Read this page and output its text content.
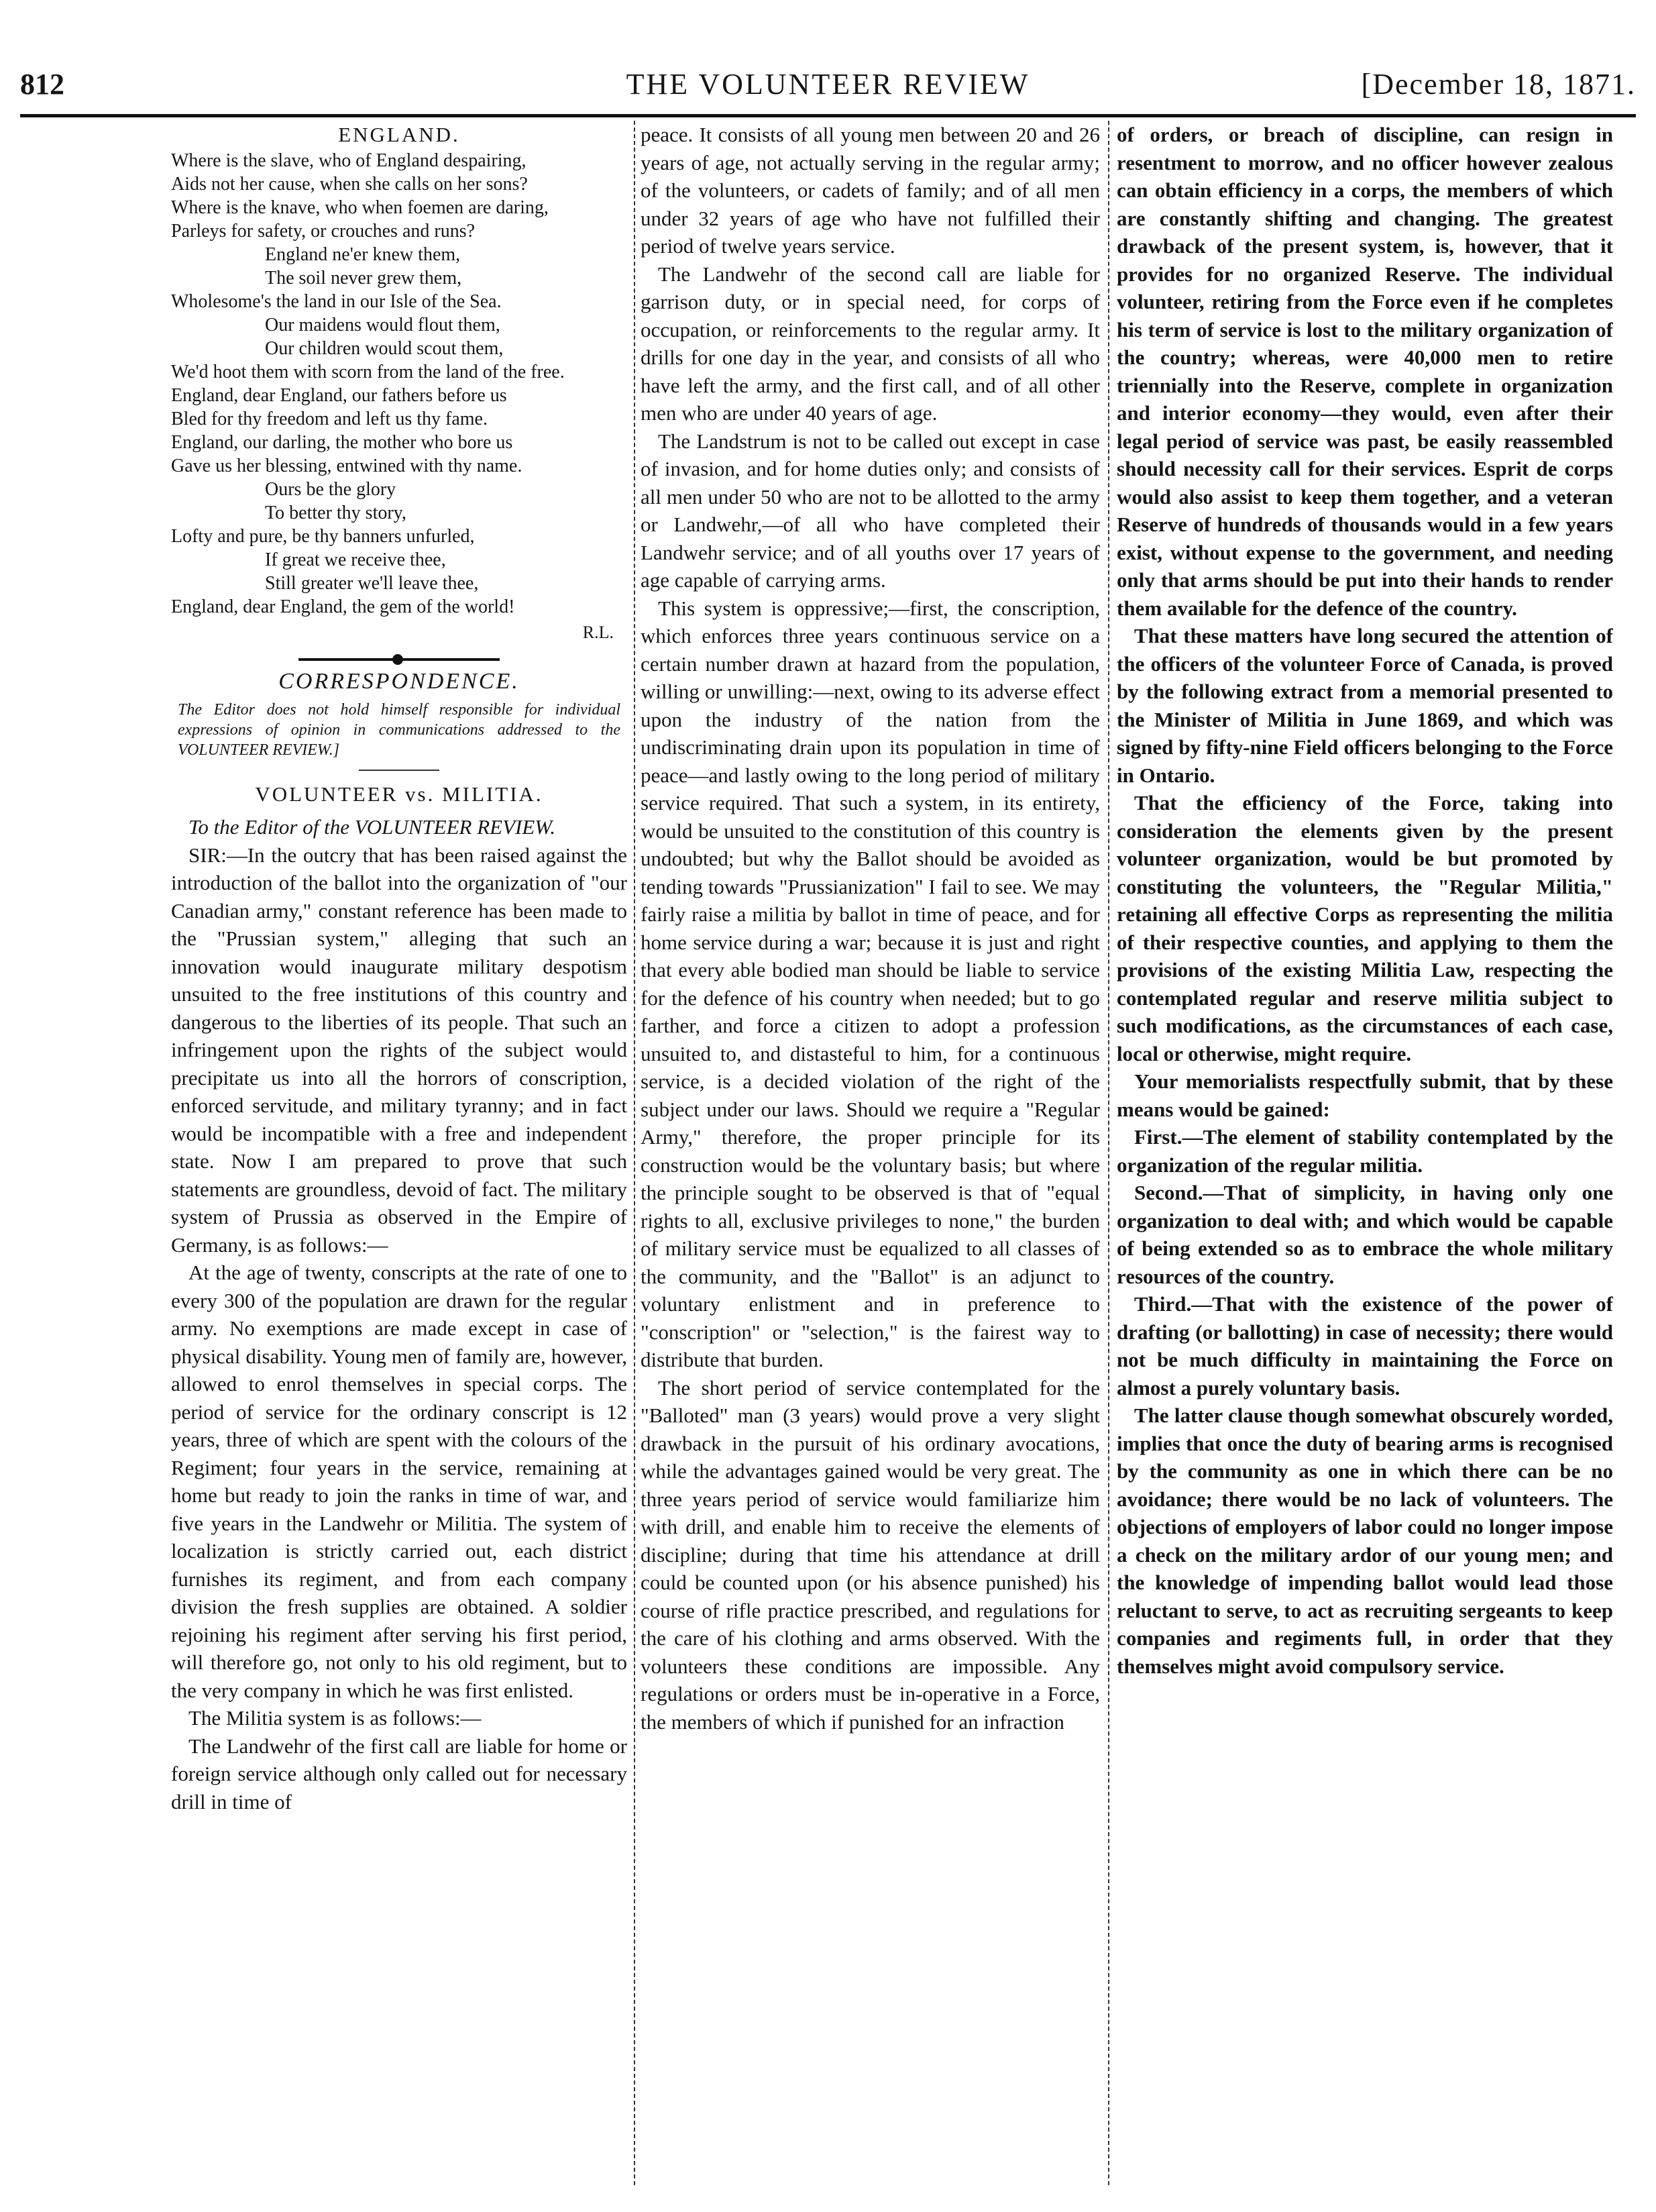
812	THE VOLUNTEER REVIEW	[December 18, 1871.
ENGLAND.
Where is the slave, who of England despairing,
Aids not her cause, when she calls on her sons?
Where is the knave, who when foemen are daring,
Parleys for safety, or crouches and runs?
England ne'er knew them,
The soil never grew them,
Wholesome's the land in our Isle of the Sea.
Our maidens would flout them,
Our children would scout them,
We'd hoot them with scorn from the land of the free.
England, dear England, our fathers before us
Bled for thy freedom and left us thy fame.
England, our darling, the mother who bore us
Gave us her blessing, entwined with thy name.
Ours be the glory
To better thy story,
Lofty and pure, be thy banners unfurled,
If great we receive thee,
Still greater we'll leave thee,
England, dear England, the gem of the world!
R.L.
CORRESPONDENCE.
The Editor does not hold himself responsible for individual expressions of opinion in communications addressed to the VOLUNTEER REVIEW.]
VOLUNTEER vs. MILITIA.

To the Editor of the VOLUNTEER REVIEW.

SIR:—In the outcry that has been raised against the introduction of the ballot into the organization of "our Canadian army," constant reference has been made to the "Prussian system," alleging that such an innovation would inaugurate military despotism unsuited to the free institutions of this country and dangerous to the liberties of its people. That such an infringement upon the rights of the subject would precipitate us into all the horrors of conscription, enforced servitude, and military tyranny; and in fact would be incompatible with a free and independent state. Now I am prepared to prove that such statements are groundless, devoid of fact. The military system of Prussia as observed in the Empire of Germany, is as follows:—

At the age of twenty, conscripts at the rate of one to every 300 of the population are drawn for the regular army. No exemptions are made except in case of physical disability. Young men of family are, however, allowed to enrol themselves in special corps. The period of service for the ordinary conscript is 12 years, three of which are spent with the colours of the Regiment; four years in the service, remaining at home but ready to join the ranks in time of war, and five years in the Landwehr or Militia. The system of localization is strictly carried out, each district furnishes its regiment, and from each company division the fresh supplies are obtained. A soldier rejoining his regiment after serving his first period, will therefore go, not only to his old regiment, but to the very company in which he was first enlisted.

The Militia system is as follows:—

The Landwehr of the first call are liable for home or foreign service although only called out for necessary drill in time of

peace. It consists of all young men between 20 and 26 years of age, not actually serving in the regular army; of the volunteers, or cadets of family; and of all men under 32 years of age who have not fulfilled their period of twelve years service.

The Landwehr of the second call are liable for garrison duty, or in special need, for corps of occupation, or reinforcements to the regular army. It drills for one day in the year, and consists of all who have left the army, and the first call, and of all other men who are under 40 years of age.

The Landstrum is not to be called out except in case of invasion, and for home duties only; and consists of all men under 50 who are not to be allotted to the army or Landwehr,—of all who have completed their Landwehr service; and of all youths over 17 years of age capable of carrying arms.

This system is oppressive;—first, the conscription, which enforces three years continuous service on a certain number drawn at hazard from the population, willing or unwilling:—next, owing to its adverse effect upon the industry of the nation from the undiscriminating drain upon its population in time of peace—and lastly owing to the long period of military service required. That such a system, in its entirety, would be unsuited to the constitution of this country is undoubted; but why the Ballot should be avoided as tending towards "Prussianization" I fail to see. We may fairly raise a militia by ballot in time of peace, and for home service during a war; because it is just and right that every able bodied man should be liable to service for the defence of his country when needed; but to go farther, and force a citizen to adopt a profession unsuited to, and distasteful to him, for a continuous service, is a decided violation of the right of the subject under our laws. Should we require a "Regular Army," therefore, the proper principle for its construction would be the voluntary basis; but where the principle sought to be observed is that of "equal rights to all, exclusive privileges to none," the burden of military service must be equalized to all classes of the community, and the "Ballot" is an adjunct to voluntary enlistment and in preference to "conscription" or "selection," is the fairest way to distribute that burden.

The short period of service contemplated for the "Balloted" man (3 years) would prove a very slight drawback in the pursuit of his ordinary avocations, while the advantages gained would be very great. The three years period of service would familiarize him with drill, and enable him to receive the elements of discipline; during that time his attendance at drill could be counted upon (or his absence punished) his course of rifle practice prescribed, and regulations for the care of his clothing and arms observed. With the volunteers these conditions are impossible. Any regulations or orders must be in-operative in a Force, the members of which if punished for an infraction

of orders, or breach of discipline, can resign in resentment to morrow, and no officer however zealous can obtain efficiency in a corps, the members of which are constantly shifting and changing. The greatest drawback of the present system, is, however, that it provides for no organized Reserve. The individual volunteer, retiring from the Force even if he completes his term of service is lost to the military organization of the country; whereas, were 40,000 men to retire triennially into the Reserve, complete in organization and interior economy—they would, even after their legal period of service was past, be easily reassembled should necessity call for their services. Esprit de corps would also assist to keep them together, and a veteran Reserve of hundreds of thousands would in a few years exist, without expense to the government, and needing only that arms should be put into their hands to render them available for the defence of the country.

That these matters have long secured the attention of the officers of the volunteer Force of Canada, is proved by the following extract from a memorial presented to the Minister of Militia in June 1869, and which was signed by fifty-nine Field officers belonging to the Force in Ontario.

That the efficiency of the Force, taking into consideration the elements given by the present volunteer organization, would be but promoted by constituting the volunteers, the "Regular Militia," retaining all effective Corps as representing the militia of their respective counties, and applying to them the provisions of the existing Militia Law, respecting the contemplated regular and reserve militia subject to such modifications, as the circumstances of each case, local or otherwise, might require.

Your memorialists respectfully submit, that by these means would be gained:

First.—The element of stability contemplated by the organization of the regular militia.

Second.—That of simplicity, in having only one organization to deal with; and which would be capable of being extended so as to embrace the whole military resources of the country.

Third.—That with the existence of the power of drafting (or ballotting) in case of necessity; there would not be much difficulty in maintaining the Force on almost a purely voluntary basis.

The latter clause though somewhat obscurely worded, implies that once the duty of bearing arms is recognised by the community as one in which there can be no avoidance; there would be no lack of volunteers. The objections of employers of labor could no longer impose a check on the military ardor of our young men; and the knowledge of impending ballot would lead those reluctant to serve, to act as recruiting sergeants to keep companies and regiments full, in order that they themselves might avoid compulsory service.
